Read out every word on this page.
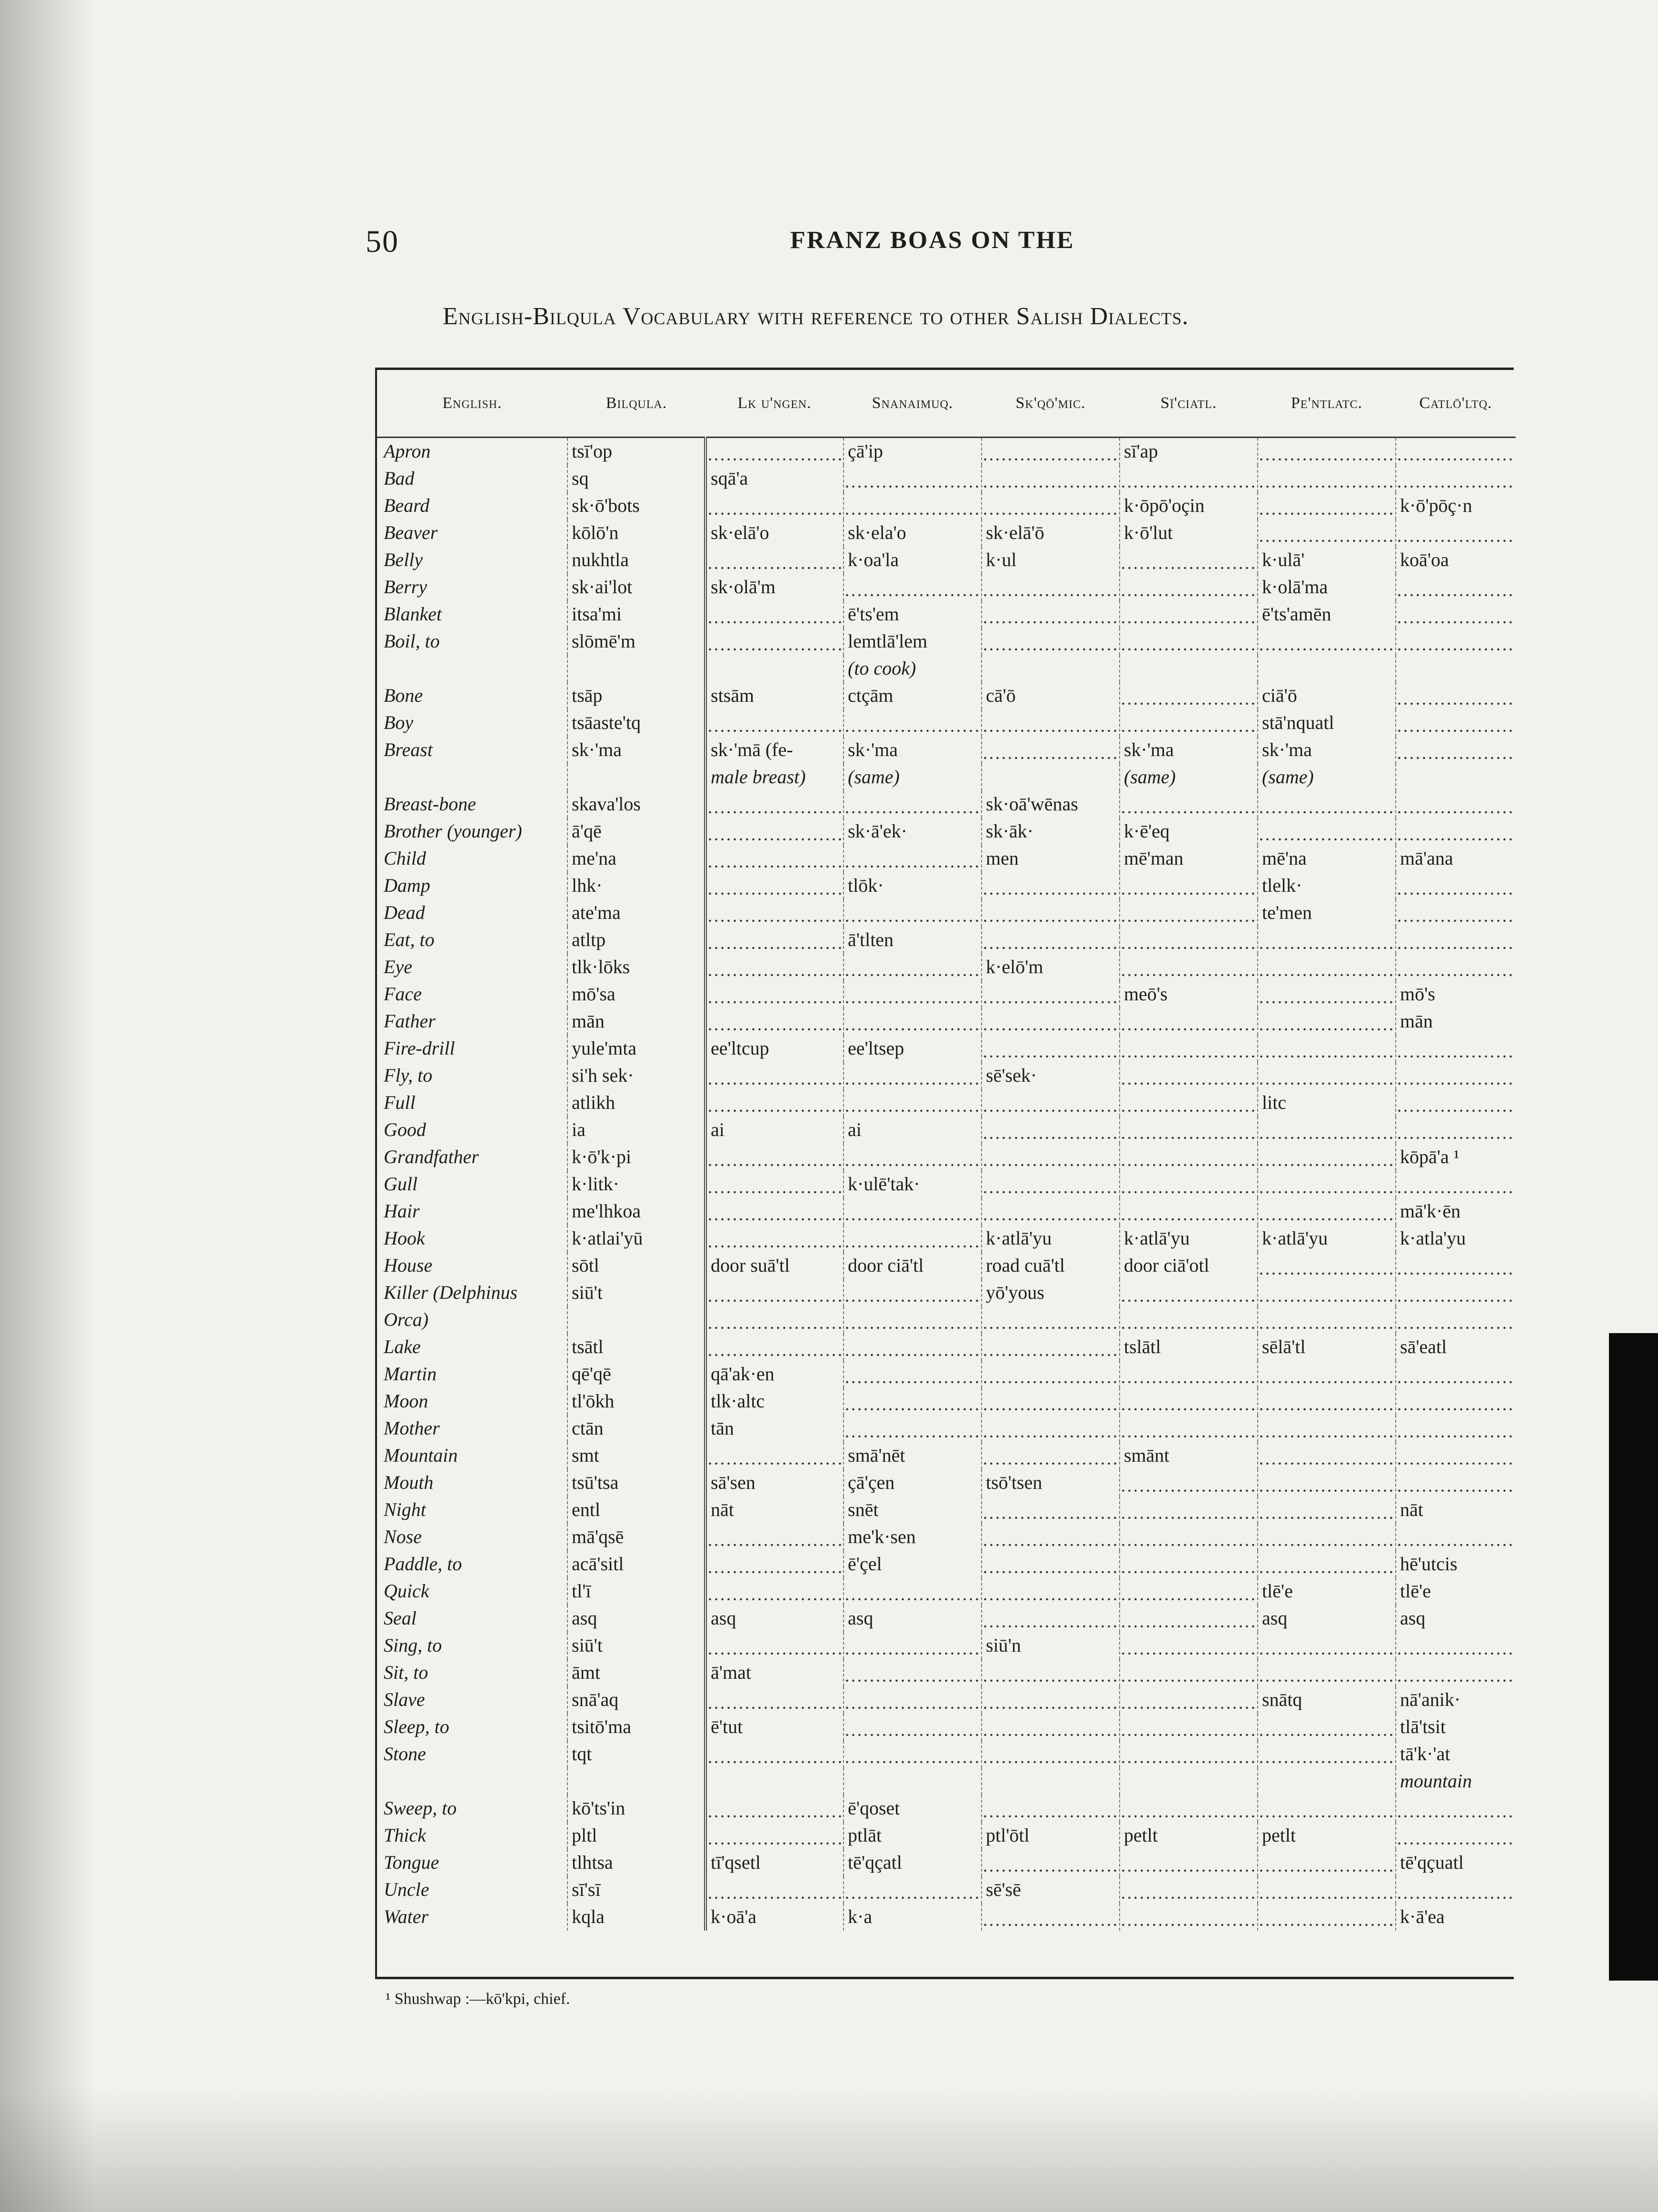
50	FRANZ BOAS ON THE
English-Bilqula Vocabulary with reference to other Salish Dialects.
English.	Bilqula.	Lk u'ngen.	Snanaimuq.	Sk'qō'mic.	Sī'ciatl.	Pe'ntlatc.	Catlō'ltq.
Apron	tsī'op		çā'ip		sī'ap		
Bad	sq	sqā'a					
Beard	sk·ō'bots				k·ōpō'oçin		k·ō'pōç·n
Beaver	kōlō'n	sk·elā'o	sk·ela'o	sk·elā'ō	k·ō'lut		
Belly	nukhtla		k·oa'la	k·ul		k·ulā'	koā'oa
Berry	sk·ai'lot	sk·olā'm				k·olā'ma	
Blanket	itsa'mi		ē'ts'em			ē'ts'amēn	
Boil, to	slōmē'm		lemtlā'lem				
			(to cook)				
Bone	tsāp	stsām	ctçām	cā'ō		ciā'ō	
Boy	tsāaste'tq					stā'nquatl	
Breast	sk·'ma	sk·'mā (fe-	sk·'ma		sk·'ma	sk·'ma	
		male breast)	(same)		(same)	(same)	
Breast-bone	skava'los			sk·oā'wēnas			
Brother (younger)	ā'qē		sk·ā'ek·	sk·āk·	k·ē'eq		
Child	me'na			men	mē'man	mē'na	mā'ana
Damp	lhk·		tlōk·			tlelk·	
Dead	ate'ma					te'men	
Eat, to	atltp		ā'tlten				
Eye	tlk·lōks			k·elō'm			
Face	mō'sa				meō's		mō's
Father	mān						mān
Fire-drill	yule'mta	ee'ltcup	ee'ltsep				
Fly, to	si'h sek·			sē'sek·			
Full	atlikh					litc	
Good	ia	ai	ai				
Grandfather	k·ō'k·pi						kōpā'a ¹
Gull	k·litk·		k·ulē'tak·				
Hair	me'lhkoa						mā'k·ēn
Hook	k·atlai'yū			k·atlā'yu	k·atlā'yu	k·atlā'yu	k·atla'yu
House	sōtl	door suā'tl	door ciā'tl	road cuā'tl	door ciā'otl		
Killer (Delphinus	siū't			yō'yous			
Orca)							
Lake	tsātl				tslātl	sēlā'tl	sā'eatl
Martin	qē'qē	qā'ak·en					
Moon	tl'ōkh	tlk·altc					
Mother	ctān	tān					
Mountain	smt		smā'nēt		smānt		
Mouth	tsū'tsa	sā'sen	çā'çen	tsō'tsen			
Night	entl	nāt	snēt				nāt
Nose	mā'qsē		me'k·sen				
Paddle, to	acā'sitl		ē'çel				hē'utcis
Quick	tl'ī					tlē'e	tlē'e
Seal	asq	asq	asq			asq	asq
Sing, to	siū't			siū'n			
Sit, to	āmt	ā'mat					
Slave	snā'aq					snātq	nā'anik·
Sleep, to	tsitō'ma	ē'tut					tlā'tsit
Stone	tqt						tā'k·'at
							mountain
Sweep, to	kō'ts'in		ē'qoset				
Thick	pltl		ptlāt	ptl'ōtl	petlt	petlt	
Tongue	tlhtsa	tī'qsetl	tē'qçatl				tē'qçuatl
Uncle	sī'sī			sē'sē			
Water	kqla	k·oā'a	k·a				k·ā'ea
¹ Shushwap :—kō'kpi, chief.
